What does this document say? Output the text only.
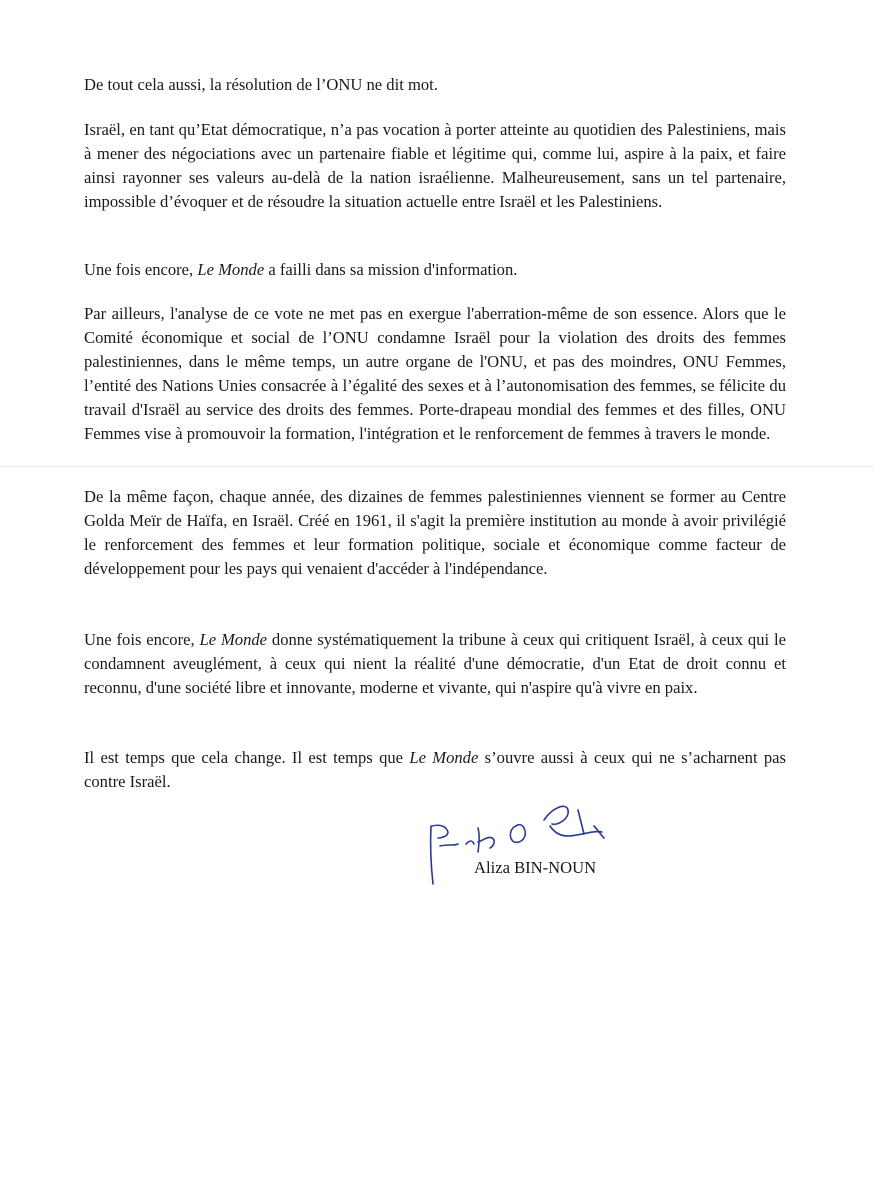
De tout cela aussi, la résolution de l’ONU ne dit mot.

Israël, en tant qu’Etat démocratique, n’a pas vocation à porter atteinte au quotidien des Palestiniens, mais à mener des négociations avec un partenaire fiable et légitime qui, comme lui, aspire à la paix, et faire ainsi rayonner ses valeurs au-delà de la nation israélienne. Malheureusement, sans un tel partenaire, impossible d’évoquer et de résoudre la situation actuelle entre Israël et les Palestiniens.

Une fois encore, Le Monde a failli dans sa mission d'information.

Par ailleurs, l'analyse de ce vote ne met pas en exergue l'aberration-même de son essence. Alors que le Comité économique et social de l’ONU condamne Israël pour la violation des droits des femmes palestiniennes, dans le même temps, un autre organe de l'ONU, et pas des moindres, ONU Femmes, l’entité des Nations Unies consacrée à l’égalité des sexes et à l’autonomisation des femmes, se félicite du travail d'Israël au service des droits des femmes. Porte-drapeau mondial des femmes et des filles, ONU Femmes vise à promouvoir la formation, l'intégration et le renforcement de femmes à travers le monde.

De la même façon, chaque année, des dizaines de femmes palestiniennes viennent se former au Centre Golda Meïr de Haïfa, en Israël. Créé en 1961, il s'agit la première institution au monde à avoir privilégié le renforcement des femmes et leur formation politique, sociale et économique comme facteur de développement pour les pays qui venaient d'accéder à l'indépendance.

Une fois encore, Le Monde donne systématiquement la tribune à ceux qui critiquent Israël, à ceux qui le condamnent aveuglément, à ceux qui nient la réalité d'une démocratie, d'un Etat de droit connu et reconnu, d'une société libre et innovante, moderne et vivante, qui n'aspire qu'à vivre en paix.

Il est temps que cela change. Il est temps que Le Monde s’ouvre aussi à ceux qui ne s’acharnent pas contre Israël.

Aliza BIN-NOUN
